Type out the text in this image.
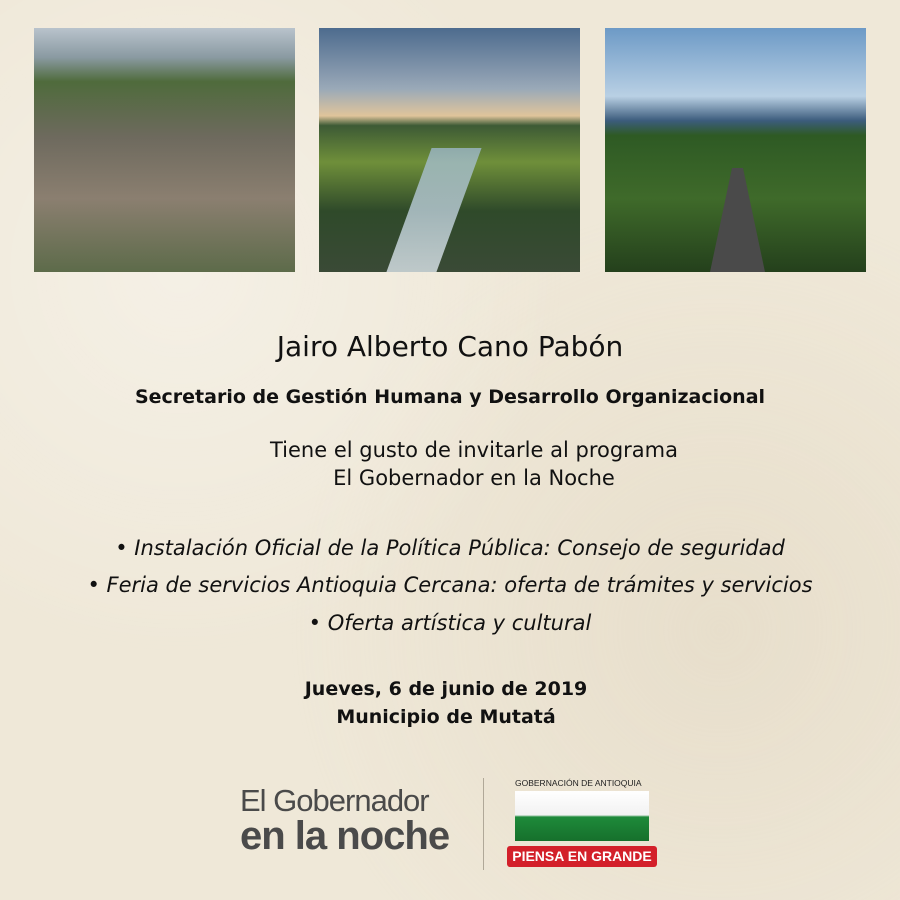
Jairo Alberto Cano Pabón
Secretario de Gestión Humana y Desarrollo Organizacional
Tiene el gusto de invitarle al programa
El Gobernador en la Noche
• Instalación Oficial de la Política Pública: Consejo de seguridad
• Feria de servicios Antioquia Cercana: oferta de trámites y servicios
• Oferta artística y cultural
Jueves, 6 de junio de 2019
Municipio de Mutatá
El Gobernador
en la noche
GOBERNACIÓN DE ANTIOQUIA
PIENSA EN GRANDE
